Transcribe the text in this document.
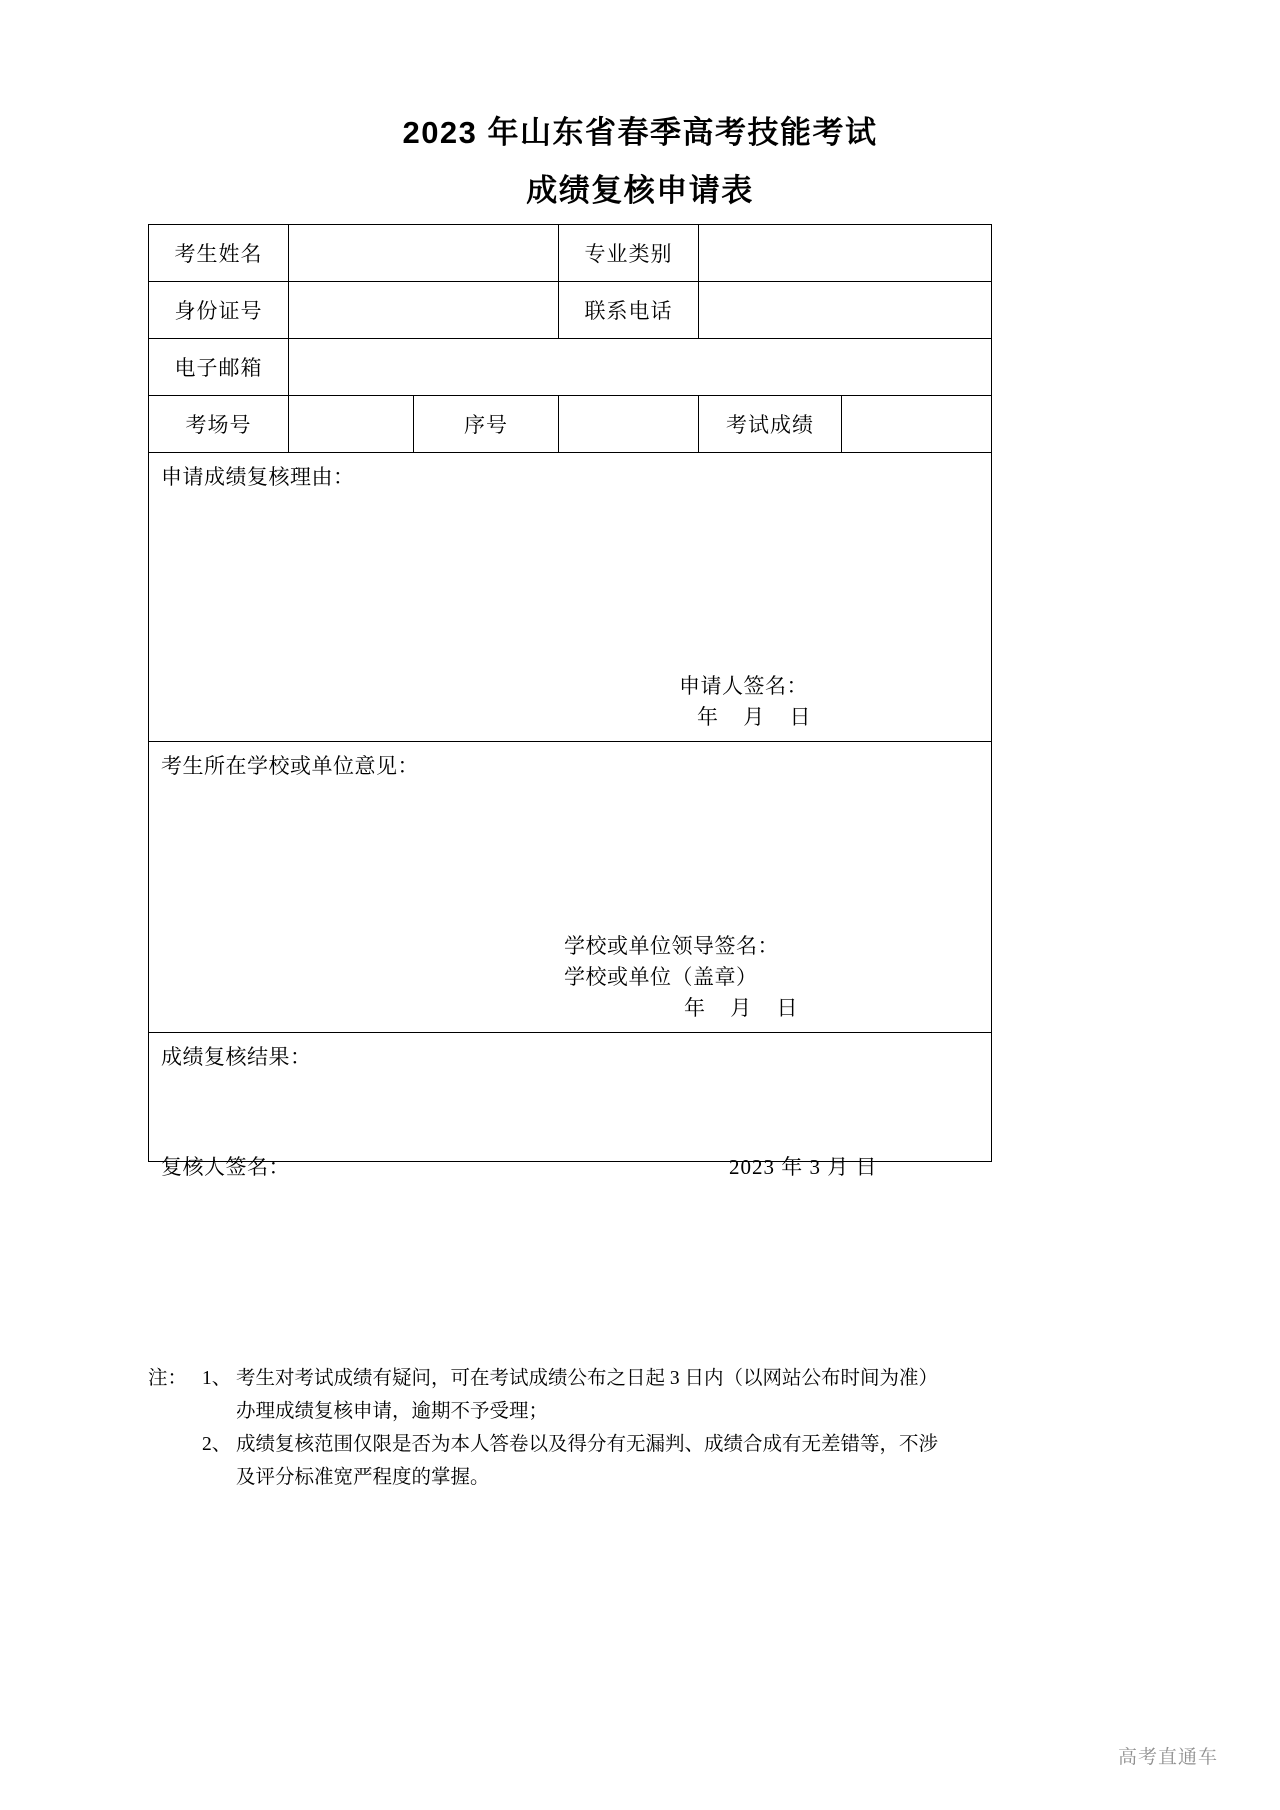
2023 年山东省春季高考技能考试
成绩复核申请表
考生姓名			专业类别		
身份证号			联系电话		
电子邮箱					
考场号		序号		考试成绩	

申请成绩复核理由：
申请人签名：
年 月 日					

考生所在学校或单位意见：
学校或单位领导签名：
学校或单位（盖章）
年 月 日					

成绩复核结果：
复核人签名： 2023 年 3 月 日					
注： 1、 考生对考试成绩有疑问，可在考试成绩公布之日起 3 日内（以网站公布时间为准）
办理成绩复核申请，逾期不予受理；
2、 成绩复核范围仅限是否为本人答卷以及得分有无漏判、成绩合成有无差错等，不涉
及评分标准宽严程度的掌握。
高考直通车
